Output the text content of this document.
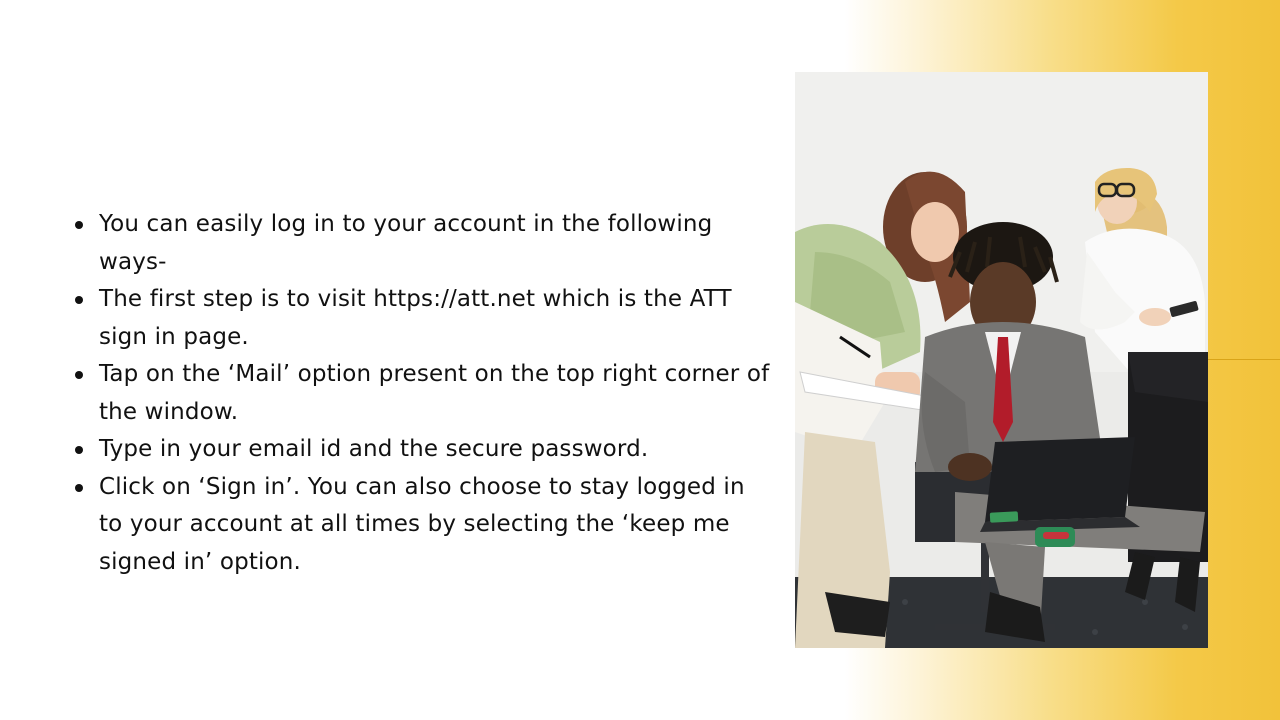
You can easily log in to your account in the following ways-
The first step is to visit https://att.net which is the ATT sign in page.
Tap on the ‘Mail’ option present on the top right corner of the window.
Type in your email id and the secure password.
Click on ‘Sign in’. You can also choose to stay logged in to your account at all times by selecting the ‘keep me signed in’ option.
